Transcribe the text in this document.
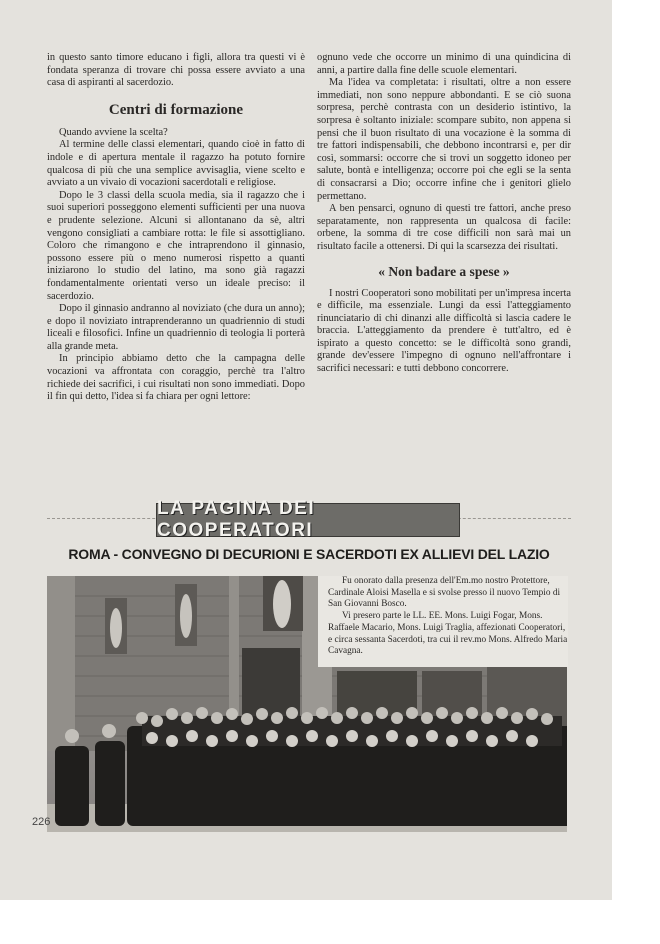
in questo santo timore educano i figli, allora tra questi vi è fondata speranza di trovare chi possa essere avviato a una casa di aspiranti al sacerdozio.

Centri di formazione

Quando avviene la scelta?

Al termine delle classi elementari, quando cioè in fatto di indole e di apertura mentale il ragazzo ha potuto fornire qualcosa di più che una semplice avvisaglia, viene scelto e avviato a un vivaio di vocazioni sacerdotali e religiose.

Dopo le 3 classi della scuola media, sia il ragazzo che i suoi superiori posseggono elementi sufficienti per una nuova e prudente selezione. Alcuni si allontanano da sè, altri vengono consigliati a cambiare rotta: le file si assottigliano. Coloro che rimangono e che intraprendono il ginnasio, possono essere più o meno numerosi rispetto a quanti iniziarono lo studio del latino, ma sono già ragazzi fondamentalmente orientati verso un ideale preciso: il sacerdozio.

Dopo il ginnasio andranno al noviziato (che dura un anno); e dopo il noviziato intraprenderanno un quadriennio di studi liceali e filosofici. Infine un quadriennio di teologia li porterà alla grande meta.

In principio abbiamo detto che la campagna delle vocazioni va affrontata con coraggio, perchè tra l'altro richiede dei sacrifici, i cui risultati non sono immediati. Dopo il fin qui detto, l'idea si fa chiara per ogni lettore:

ognuno vede che occorre un minimo di una quindicina di anni, a partire dalla fine delle scuole elementari.

Ma l'idea va completata: i risultati, oltre a non essere immediati, non sono neppure abbondanti. E se ciò suona sorpresa, perchè contrasta con un desiderio istintivo, la sorpresa è soltanto iniziale: scompare subito, non appena si pensi che il buon risultato di una vocazione è la somma di tre fattori indispensabili, che debbono incontrarsi e, per dir così, sommarsi: occorre che si trovi un soggetto idoneo per salute, bontà e intelligenza; occorre poi che egli se la senta di consacrarsi a Dio; occorre infine che i genitori glielo permettano.

A ben pensarci, ognuno di questi tre fattori, anche preso separatamente, non rappresenta un qualcosa di facile: orbene, la somma di tre cose difficili non sarà mai un risultato facile a ottenersi. Di qui la scarsezza dei risultati.

« Non badare a spese »

I nostri Cooperatori sono mobilitati per un'impresa incerta e difficile, ma essenziale. Lungi da essi l'atteggiamento rinunciatario di chi dinanzi alle difficoltà si lascia cadere le braccia. L'atteggiamento da prendere è tutt'altro, ed è ispirato a questo concetto: se le difficoltà sono grandi, grande dev'essere l'impegno di ognuno nell'affrontare i sacrifici necessari: e tutti debbono concorrere.

LA PAGINA DEI COOPERATORI
ROMA - CONVEGNO DI DECURIONI E SACERDOTI EX ALLIEVI DEL LAZIO

Fu onorato dalla presenza dell'Em.mo nostro Protettore, Cardinale Aloisi Masella e si svolse presso il nuovo Tempio di San Giovanni Bosco.

Vi presero parte le LL. EE. Mons. Luigi Fogar, Mons. Raffaele Macario, Mons. Luigi Traglia, affezionati Cooperatori, e circa sessanta Sacerdoti, tra cui il rev.mo Mons. Alfredo Maria Cavagna.

226
